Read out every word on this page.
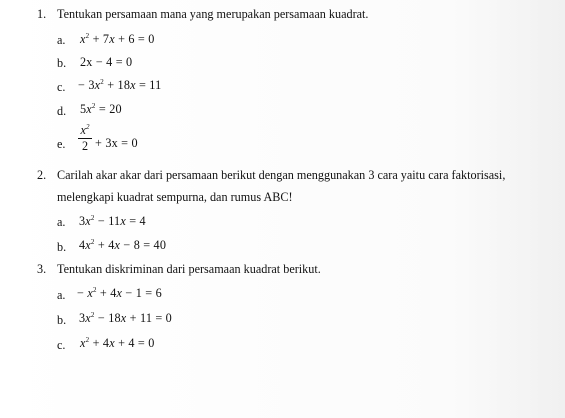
1. Tentukan persamaan mana yang merupakan persamaan kuadrat.
a. $x^2 + 7x + 6 = 0$
b. 2x − 4 = 0
c. − $3x^2 + 18x = 11$
d. $5x^2 = 20$
e.
$x^2$
2 + 3x = 0
2. Carilah akar akar dari persamaan berikut dengan menggunakan 3 cara yaitu cara faktorisasi,
melengkapi kuadrat sempurna, dan rumus ABC!
a. $3x^2 - 11x = 4$
b. $4x^2 + 4x - 8 = 40$
3. Tentukan diskriminan dari persamaan kuadrat berikut.
a. − $x^2 + 4x - 1 = 6$
b. $3x^2 - 18x + 11 = 0$
c. $x^2 + 4x + 4 = 0$
